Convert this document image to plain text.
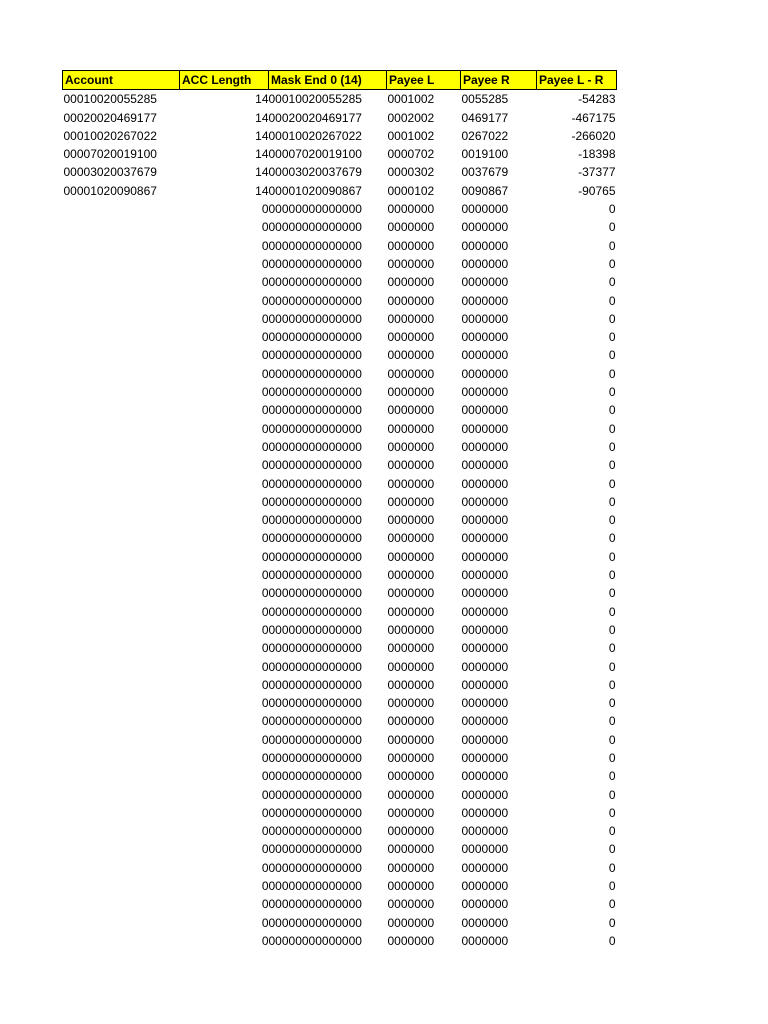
Account	ACC Length	Mask End 0 (14)	Payee L	Payee R	Payee L - R
00010020055285	14	00010020055285	0001002	0055285	-54283
00020020469177	14	00020020469177	0002002	0469177	-467175
00010020267022	14	00010020267022	0001002	0267022	-266020
00007020019100	14	00007020019100	0000702	0019100	-18398
00003020037679	14	00003020037679	0000302	0037679	-37377
00001020090867	14	00001020090867	0000102	0090867	-90765
	0	00000000000000	0000000	0000000	0
	0	00000000000000	0000000	0000000	0
	0	00000000000000	0000000	0000000	0
	0	00000000000000	0000000	0000000	0
	0	00000000000000	0000000	0000000	0
	0	00000000000000	0000000	0000000	0
	0	00000000000000	0000000	0000000	0
	0	00000000000000	0000000	0000000	0
	0	00000000000000	0000000	0000000	0
	0	00000000000000	0000000	0000000	0
	0	00000000000000	0000000	0000000	0
	0	00000000000000	0000000	0000000	0
	0	00000000000000	0000000	0000000	0
	0	00000000000000	0000000	0000000	0
	0	00000000000000	0000000	0000000	0
	0	00000000000000	0000000	0000000	0
	0	00000000000000	0000000	0000000	0
	0	00000000000000	0000000	0000000	0
	0	00000000000000	0000000	0000000	0
	0	00000000000000	0000000	0000000	0
	0	00000000000000	0000000	0000000	0
	0	00000000000000	0000000	0000000	0
	0	00000000000000	0000000	0000000	0
	0	00000000000000	0000000	0000000	0
	0	00000000000000	0000000	0000000	0
	0	00000000000000	0000000	0000000	0
	0	00000000000000	0000000	0000000	0
	0	00000000000000	0000000	0000000	0
	0	00000000000000	0000000	0000000	0
	0	00000000000000	0000000	0000000	0
	0	00000000000000	0000000	0000000	0
	0	00000000000000	0000000	0000000	0
	0	00000000000000	0000000	0000000	0
	0	00000000000000	0000000	0000000	0
	0	00000000000000	0000000	0000000	0
	0	00000000000000	0000000	0000000	0
	0	00000000000000	0000000	0000000	0
	0	00000000000000	0000000	0000000	0
	0	00000000000000	0000000	0000000	0
	0	00000000000000	0000000	0000000	0
	0	00000000000000	0000000	0000000	0
